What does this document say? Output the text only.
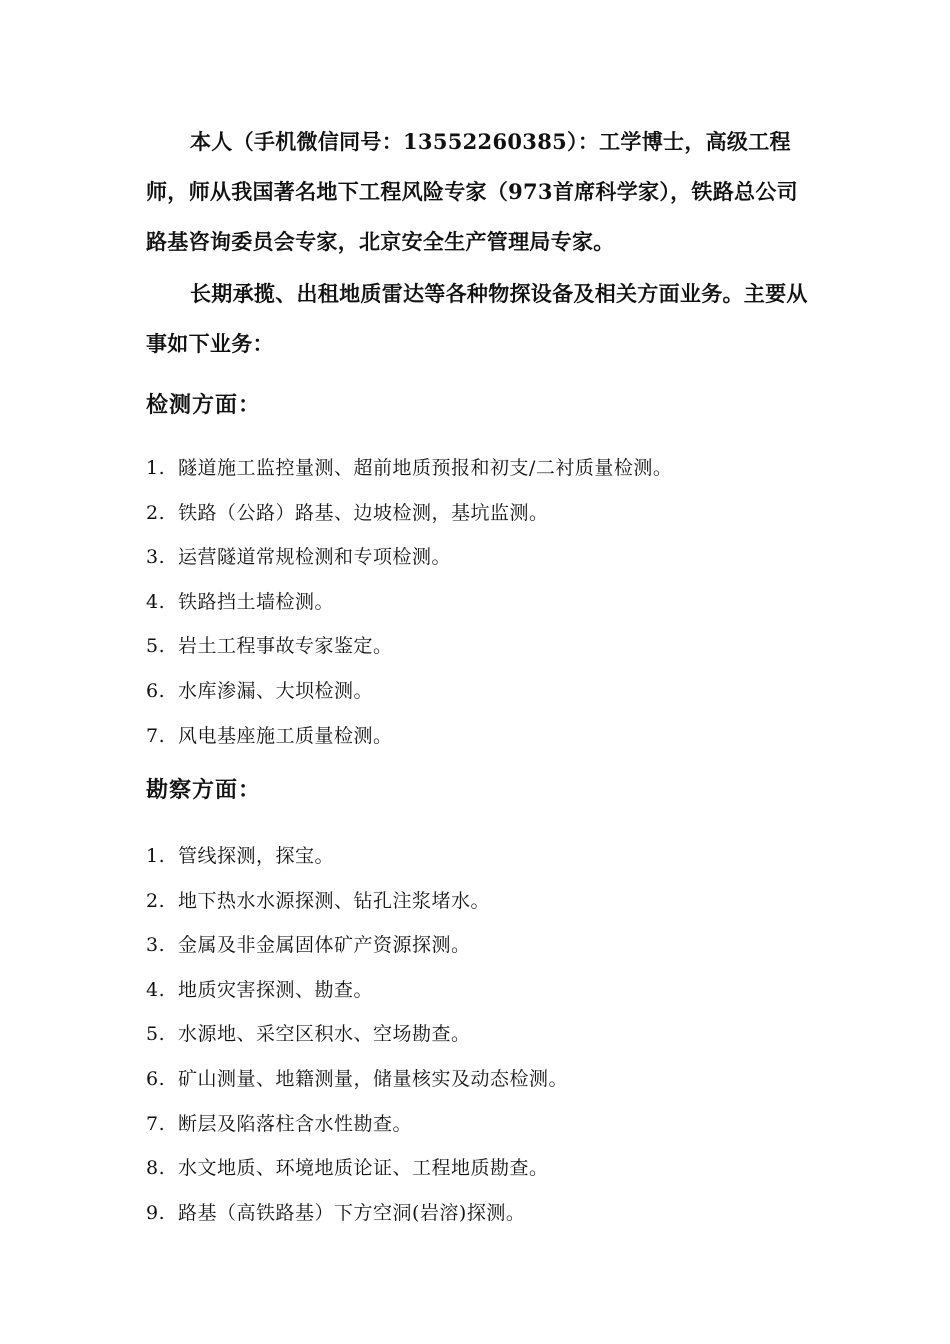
本人（手机微信同号：13552260385）：工学博士，高级工程师，师从我国著名地下工程风险专家（973首席科学家），铁路总公司路基咨询委员会专家，北京安全生产管理局专家。

长期承揽、出租地质雷达等各种物探设备及相关方面业务。主要从事如下业务：

检测方面：
1. 隧道施工监控量测、超前地质预报和初支/二衬质量检测。
2. 铁路（公路）路基、边坡检测，基坑监测。
3. 运营隧道常规检测和专项检测。
4. 铁路挡土墙检测。
5. 岩土工程事故专家鉴定。
6. 水库渗漏、大坝检测。
7. 风电基座施工质量检测。
勘察方面：
1. 管线探测，探宝。
2. 地下热水水源探测、钻孔注浆堵水。
3. 金属及非金属固体矿产资源探测。
4. 地质灾害探测、勘查。
5. 水源地、采空区积水、空场勘查。
6. 矿山测量、地籍测量，储量核实及动态检测。
7. 断层及陷落柱含水性勘查。
8. 水文地质、环境地质论证、工程地质勘查。
9. 路基（高铁路基）下方空洞(岩溶)探测。
